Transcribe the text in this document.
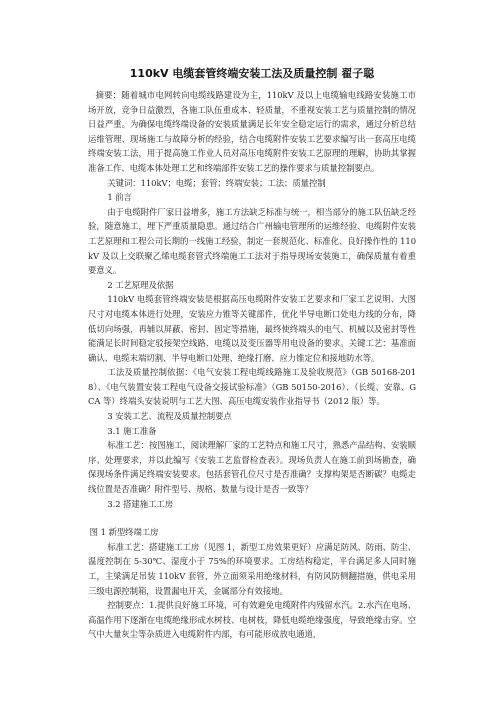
110kV 电缆套管终端安装工法及质量控制 翟子聪

摘要：随着城市电网转向电缆线路建设为主，110kV 及以上电缆输电线路安装施工市场开放，竞争日益激烈，各施工队伍重成本、轻质量，不重视安装工艺与质量控制的情况日益严重。为确保电缆终端设备的安装质量满足长年安全稳定运行的需求，通过分析总结运维管理、现场施工与故障分析的经验，结合电缆附件安装工艺要求编写出一套高压电缆终端安装工法，用于提高施工作业人员对高压电缆附件安装工艺原理的理解，协助其掌握准备工作、电缆本体处理工艺和终端部件安装工艺的操作要求与质量控制要点。

关键词：110kV；电缆；套管；终端安装；工法；质量控制

1 前言

由于电缆附件厂家日益增多，施工方法缺乏标准与统一，相当部分的施工队伍缺乏经验，随意施工，埋下严重质量隐患。通过结合广州输电管理所的运维经验、电缆附件安装工艺原理和工程公司长期的一线施工经验，制定一套规范化、标准化、良好操作性的 110kV 及以上交联聚乙烯电缆套管式终端施工工法对于指导现场安装施工，确保质量有着重要意义。

2 工艺原理及依据

110kV 电缆套管终端安装是根据高压电缆附件安装工艺要求和厂家工艺说明、大图尺寸对电缆本体进行处理，安装应力锥等关键部件，优化半导电断口处电力线的分布，降低切向场强，再辅以屏蔽、密封、固定等措施，最终使终端头的电气、机械以及密封等性能满足长时间稳定驳接架空线路、电缆以及变压器等用电设备的要求。关键工艺：基准面确认、电缆末端切割、半导电断口处理、绝缘打磨、应力锥定位和接地防水等。

工法及质量控制依据：《电气安装工程电缆线路施工及验收规范》（GB 50168-2018）、《电气装置安装工程电气设备交接试验标准》（GB 50150-2016）、（长缆、安靠、GCA 等）终端头安装说明与工艺大图、高压电缆安装作业指导书（2012 版）等。

3 安装工艺、流程及质量控制要点

3.1 施工准备

标准工艺：按图施工，阅读理解厂家的工艺特点和施工尺寸，熟悉产品结构、安装顺序、处理要求，并以此编写《安装工艺监督检查表》。现场负责人在施工前到场勘查，确保现场条件满足终端安装要求。包括套管孔位尺寸是否准确？支撑构架是否断碳？电缆走线位置是否准确？附件型号、规格、数量与设计是否一致等？

3.2 搭建施工工房

图 1 新型终端工房

标准工艺：搭建施工工房（见图 1，新型工房效果更好）应满足防风、防雨、防尘、温度控制在 5-30℃、湿度小于 75%的环境要求。工房结构稳定，平台满足多人同时施工，主梁满足吊装 110kV 套管，外立面须采用绝缘材料，有防风防侧翻措施，供电采用三级电源控制箱，设置漏电开关，金属部分有效接地。

控制要点：1.提供良好施工环境，可有效避免电缆附件内残留水汽。2.水汽在电场、高温作用下逐渐在电缆绝缘形成水树枝、电树枝，降低电缆绝缘强度，导致绝缘击穿。空气中大量灰尘等杂质进入电缆附件内部，有可能形成放电通道，
